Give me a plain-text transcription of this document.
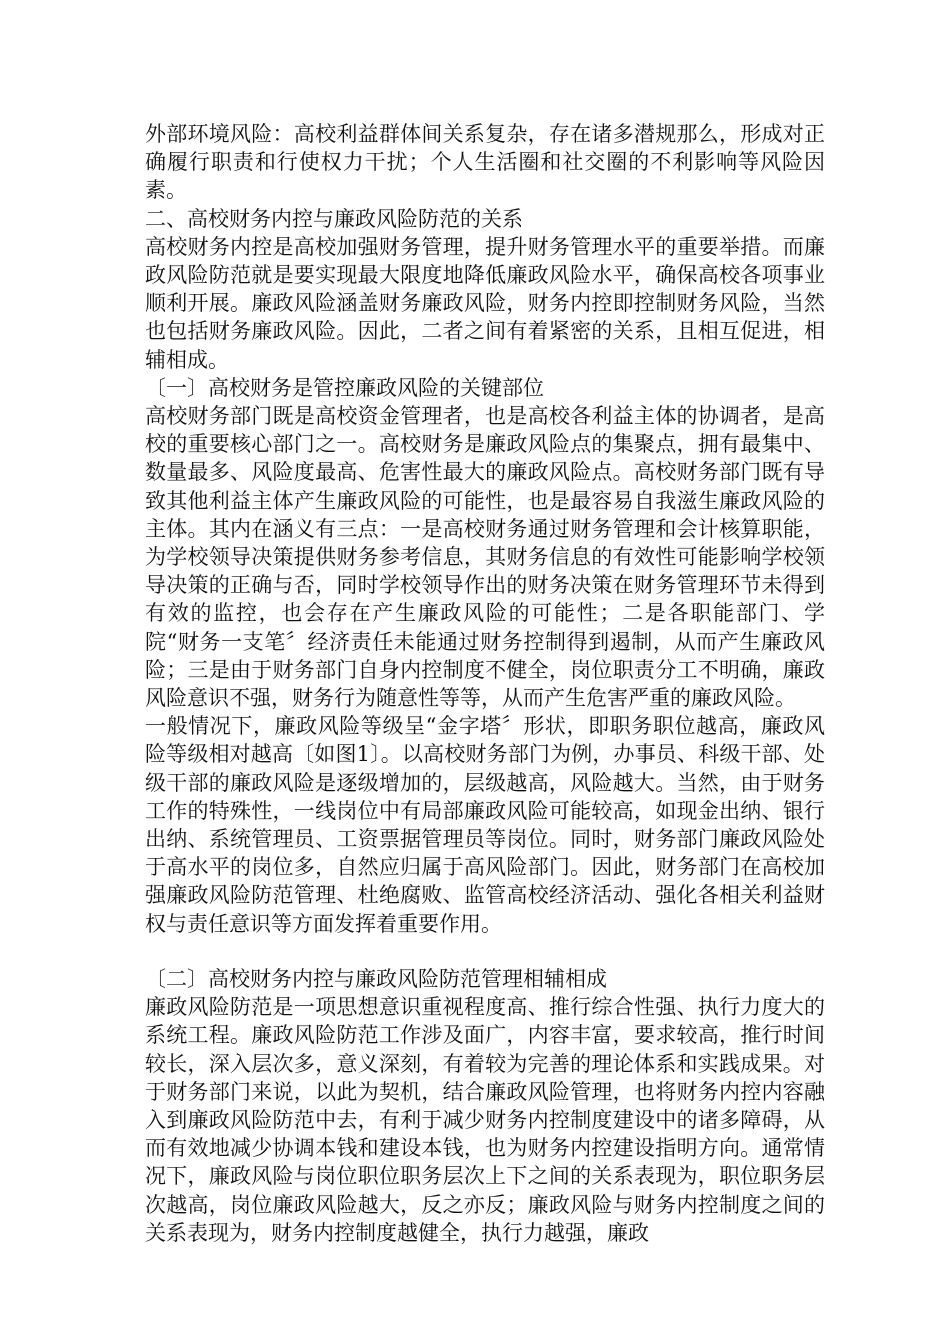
外部环境风险：高校利益群体间关系复杂，存在诸多潜规那么，形成对正确履行职责和行使权力干扰；个人生活圈和社交圈的不利影响等风险因素。

二、高校财务内控与廉政风险防范的关系

高校财务内控是高校加强财务管理，提升财务管理水平的重要举措。而廉政风险防范就是要实现最大限度地降低廉政风险水平，确保高校各项事业顺利开展。廉政风险涵盖财务廉政风险，财务内控即控制财务风险，当然也包括财务廉政风险。因此，二者之间有着紧密的关系，且相互促进，相辅相成。

〔一〕高校财务是管控廉政风险的关键部位

高校财务部门既是高校资金管理者，也是高校各利益主体的协调者，是高校的重要核心部门之一。高校财务是廉政风险点的集聚点，拥有最集中、数量最多、风险度最高、危害性最大的廉政风险点。高校财务部门既有导致其他利益主体产生廉政风险的可能性，也是最容易自我滋生廉政风险的主体。其内在涵义有三点：一是高校财务通过财务管理和会计核算职能，为学校领导决策提供财务参考信息，其财务信息的有效性可能影响学校领导决策的正确与否，同时学校领导作出的财务决策在财务管理环节未得到有效的监控，也会存在产生廉政风险的可能性；二是各职能部门、学院“财务一支笔〞经济责任未能通过财务控制得到遏制，从而产生廉政风险；三是由于财务部门自身内控制度不健全，岗位职责分工不明确，廉政风险意识不强，财务行为随意性等等，从而产生危害严重的廉政风险。

一般情况下，廉政风险等级呈“金字塔〞形状，即职务职位越高，廉政风险等级相对越高〔如图1〕。以高校财务部门为例，办事员、科级干部、处级干部的廉政风险是逐级增加的，层级越高，风险越大。当然，由于财务工作的特殊性，一线岗位中有局部廉政风险可能较高，如现金出纳、银行出纳、系统管理员、工资票据管理员等岗位。同时，财务部门廉政风险处于高水平的岗位多，自然应归属于高风险部门。因此，财务部门在高校加强廉政风险防范管理、杜绝腐败、监管高校经济活动、强化各相关利益财权与责任意识等方面发挥着重要作用。

〔二〕高校财务内控与廉政风险防范管理相辅相成

廉政风险防范是一项思想意识重视程度高、推行综合性强、执行力度大的系统工程。廉政风险防范工作涉及面广，内容丰富，要求较高，推行时间较长，深入层次多，意义深刻，有着较为完善的理论体系和实践成果。对于财务部门来说，以此为契机，结合廉政风险管理，也将财务内控内容融入到廉政风险防范中去，有利于减少财务内控制度建设中的诸多障碍，从而有效地减少协调本钱和建设本钱，也为财务内控建设指明方向。通常情况下，廉政风险与岗位职位职务层次上下之间的关系表现为，职位职务层次越高，岗位廉政风险越大，反之亦反；廉政风险与财务内控制度之间的关系表现为，财务内控制度越健全，执行力越强，廉政
